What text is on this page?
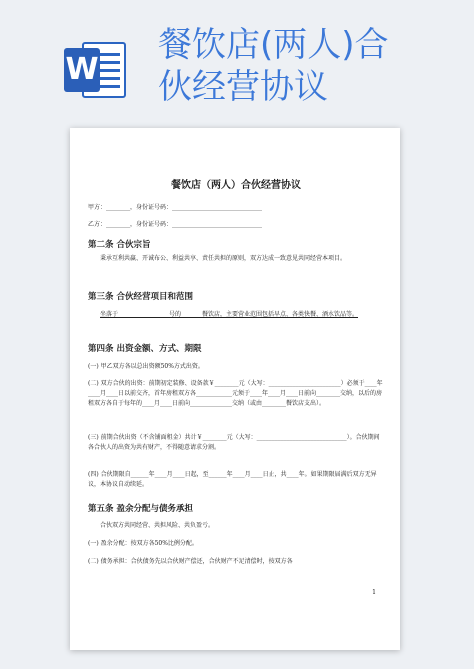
W
餐饮店(两人)合
伙经营协议
餐饮店（两人）合伙经营协议
甲方：________，身份证号码：______________________________
乙方：________，身份证号码：______________________________
第二条 合伙宗旨
秉承互利共赢、开诚布公、利益共享、责任共担的原则，双方达成一致意见共同经营本项目。
第三条 合伙经营项目和范围
坐落于_________________号的_______餐饮店，主要营业范围包括早点、各类快餐、酒水饮品等。
第四条 出资金额、方式、期限
(一) 甲乙双方各以总出资额50%方式出资。
(二) 双方合伙的出资：前期初定装修、设备款￥________元（大写：________________________）必须于____年____月____日以前交齐，首年房租双方各____________元须于____年____月____日前向________交纳，以后的房租双方各自于每年的____月____日前向______________交纳（或由________餐饮店支出）。
(三) 前期合伙出资（不含铺面租金）共计￥________元（大写：______________________________）。合伙期间各合伙人的出资为共有财产，不得随意请求分割。
(四) 合伙期限自______年____月____日起，至______年____月____日止，共____年。如果期限届满后双方无异议，本协议自动续延。
第五条 盈余分配与债务承担
合伙双方共同经营、共担风险、共负盈亏。
(一) 盈余分配：按双方各50%比例分配。
(二) 债务承担：合伙债务先以合伙财产偿还，合伙财产不足清偿时，按双方各
1
